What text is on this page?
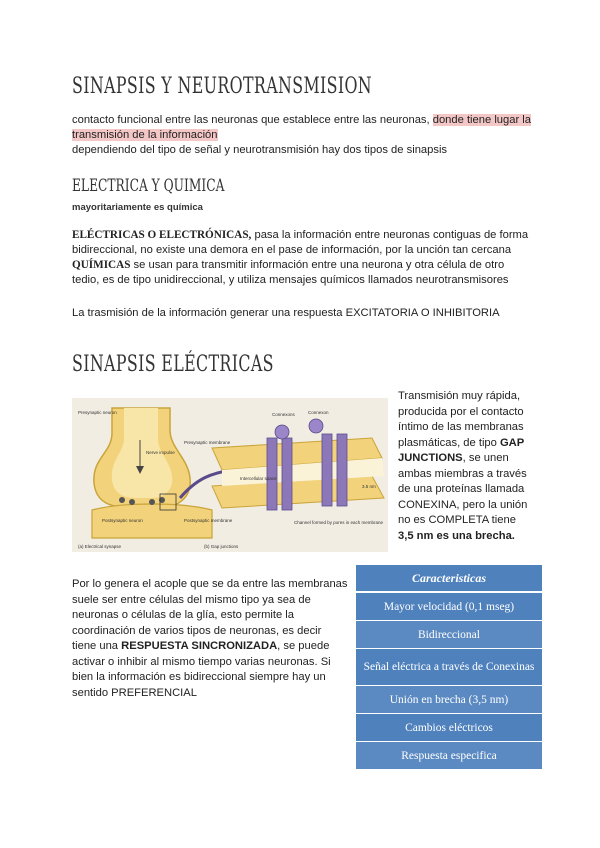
SINAPSIS Y NEUROTRANSMISION
contacto funcional entre las neuronas que establece entre las neuronas, donde tiene lugar la
transmisión de la información
dependiendo del tipo de señal y neurotransmisión hay dos tipos de sinapsis
ELECTRICA Y QUIMICA
mayoritariamente es química
ELÉCTRICAS O ELECTRÓNICAS, pasa la información entre neuronas contiguas de forma
bidireccional, no existe una demora en el pase de información, por la unción tan cercana
QUÍMICAS se usan para transmitir información entre una neurona y otra célula de otro
tedio, es de tipo unidireccional, y utiliza mensajes químicos llamados neurotransmisores
La trasmisión de la información generar una respuesta EXCITATORIA O INHIBITORIA
SINAPSIS ELÉCTRICAS
Presynaptic neuron
Nerve impulse
Postsynaptic neuron
Connexons	Connexon
Presynaptic membrane
Intercellular space
Postsynaptic membrane	Channel formed by pores in each membrane
3.5 nm
(a) Electrical synapse	(b) Gap junctions
Transmisión muy rápida,
producida por el contacto
íntimo de las membranas
plasmáticas, de tipo GAP
JUNCTIONS, se unen
ambas miembras a través
de una proteínas llamada
CONEXINA, pero la unión
no es COMPLETA tiene
3,5 nm es una brecha.
Por lo genera el acople que se da entre las membranas
suele ser entre células del mismo tipo ya sea de
neuronas o células de la glía, esto permite la
coordinación de varios tipos de neuronas, es decir
tiene una RESPUESTA SINCRONIZADA, se puede
activar o inhibir al mismo tiempo varias neuronas. Si
bien la información es bidireccional siempre hay un
sentido PREFERENCIAL
Caracteristicas
Mayor velocidad (0,1 mseg)
Bidireccional
Señal eléctrica a través de Conexinas
Unión en brecha (3,5 nm)
Cambios eléctricos
Respuesta especifica
